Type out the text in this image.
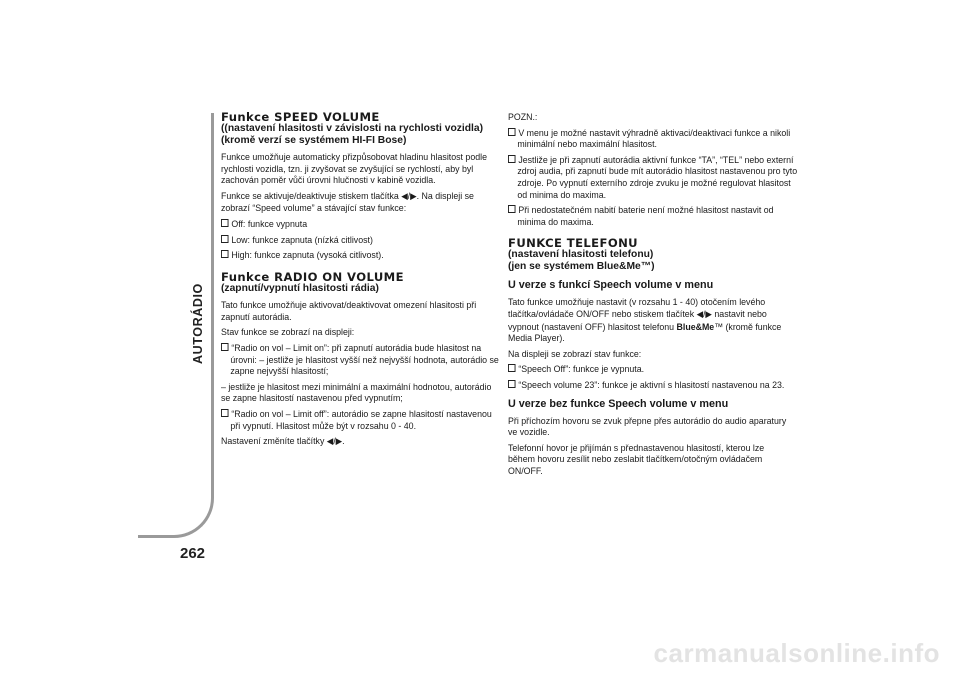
AUTORÁDIO
262
Funkce SPEED VOLUME
((nastavení hlasitosti v závislosti na rychlosti vozidla)
(kromě verzí se systémem HI-FI Bose)

Funkce umožňuje automaticky přizpůsobovat hladinu hlasitost podle rychlosti vozidla, tzn. ji zvyšovat se zvyšující se rychlostí, aby byl zachován poměr vůči úrovni hlučnosti v kabině vozidla.

Funkce se aktivuje/deaktivuje stiskem tlačítka ◀/▶. Na displeji se zobrazí “Speed volume” a stávající stav funkce:

Off: funkce vypnuta
Low: funkce zapnuta (nízká citlivost)
High: funkce zapnuta (vysoká citlivost).
Funkce RADIO ON VOLUME
(zapnutí/vypnutí hlasitosti rádia)

Tato funkce umožňuje aktivovat/deaktivovat omezení hlasitosti při zapnutí autorádia.

Stav funkce se zobrazí na displeji:

“Radio on vol – Limit on”: při zapnutí autorádia bude hlasitost na úrovni: – jestliže je hlasitost vyšší než nejvyšší hodnota, autorádio se zapne nejvyšší hlasitostí;

– jestliže je hlasitost mezi minimální a maximální hodnotou, autorádio se zapne hlasitostí nastavenou před vypnutím;

“Radio on vol – Limit off”: autorádio se zapne hlasitostí nastavenou při vypnutí. Hlasitost může být v rozsahu 0 - 40.

Nastavení změníte tlačítky ◀/▶.

POZN.:

V menu je možné nastavit výhradně aktivaci/deaktivaci funkce a nikoli minimální nebo maximální hlasitost.
Jestliže je při zapnutí autorádia aktivní funkce “TA”, “TEL” nebo externí zdroj audia, při zapnutí bude mít autorádio hlasitost nastavenou pro tyto zdroje. Po vypnutí externího zdroje zvuku je možné regulovat hlasitost od minima do maxima.
Při nedostatečném nabití baterie není možné hlasitost nastavit od minima do maxima.
FUNKCE TELEFONU
(nastavení hlasitosti telefonu)
(jen se systémem Blue&Me™)
U verze s funkcí Speech volume v menu

Tato funkce umožňuje nastavit (v rozsahu 1 - 40) otočením levého tlačítka/ovládače ON/OFF nebo stiskem tlačítek ◀/▶ nastavit nebo vypnout (nastavení OFF) hlasitost telefonu Blue&Me™ (kromě funkce Media Player).

Na displeji se zobrazí stav funkce:

“Speech Off”: funkce je vypnuta.
“Speech volume 23”: funkce je aktivní s hlasitostí nastavenou na 23.
U verze bez funkce Speech volume v menu

Při příchozím hovoru se zvuk přepne přes autorádio do audio aparatury ve vozidle.

Telefonní hovor je přijímán s přednastavenou hlasitostí, kterou lze během hovoru zesílit nebo zeslabit tlačítkem/otočným ovládačem ON/OFF.

carmanualsonline.info
